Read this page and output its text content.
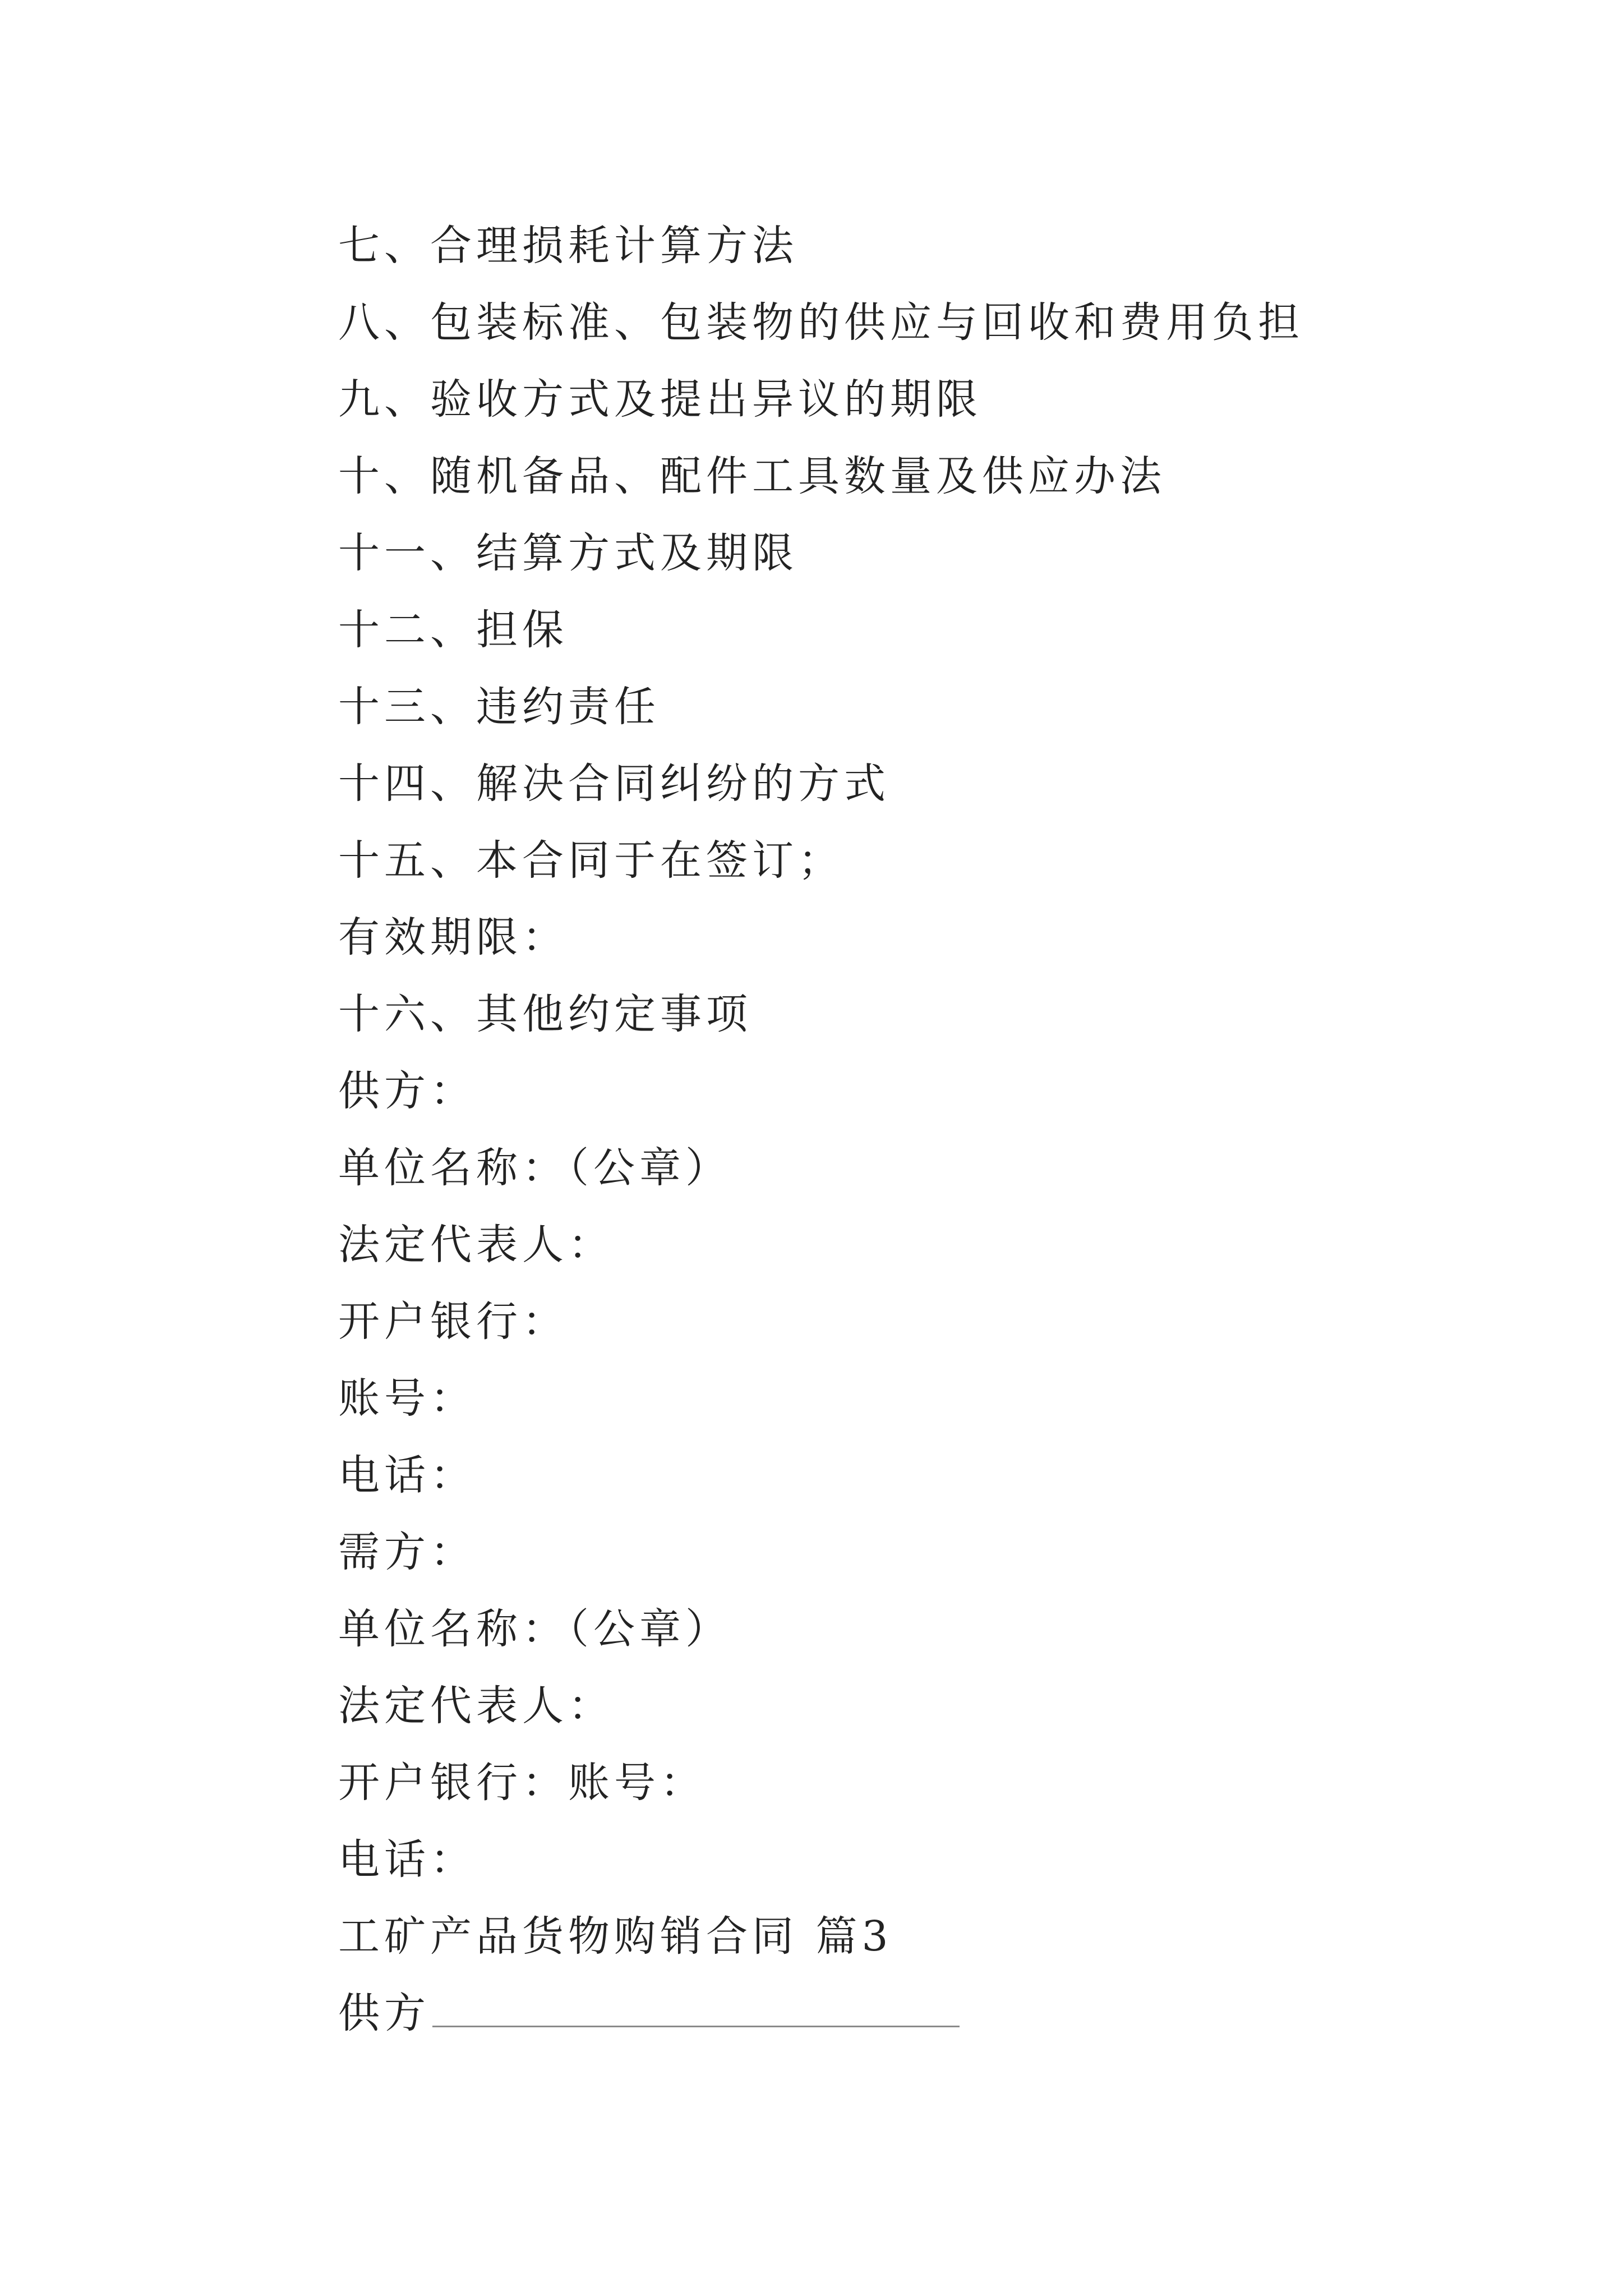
七、合理损耗计算方法
八、包装标准、包装物的供应与回收和费用负担
九、验收方式及提出异议的期限
十、随机备品、配件工具数量及供应办法
十一、结算方式及期限
十二、担保
十三、违约责任
十四、解决合同纠纷的方式
十五、本合同于在签订；
有效期限：
十六、其他约定事项
供方：
单位名称：（公章）
法定代表人：
开户银行：
账号：
电话：
需方：
单位名称：（公章）
法定代表人：
开户银行：账号：
电话：
工矿产品货物购销合同 篇3
供方
